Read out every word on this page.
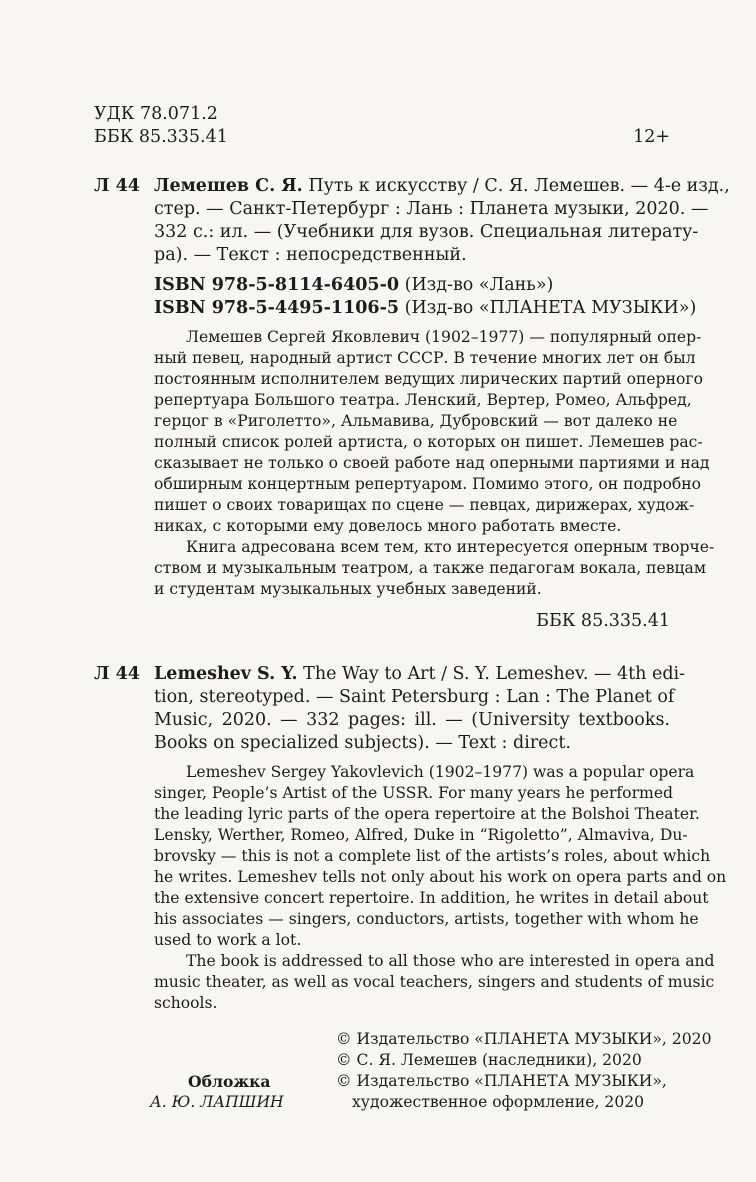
УДК 78.071.2
ББК 85.335.41	12+
Л 44 Лемешев С. Я. Путь к искусству / С. Я. Лемешев. — 4-е изд.,
стер. — Санкт-Петербург : Лань : Планета музыки, 2020. —
332 с.: ил. — (Учебники для вузов. Специальная литерату-
ра). — Текст : непосредственный.
ISBN 978-5-8114-6405-0 (Изд-во «Лань»)
ISBN 978-5-4495-1106-5 (Изд-во «ПЛАНЕТА МУЗЫКИ»)
Лемешев Сергей Яковлевич (1902–1977) — популярный опер-
ный певец, народный артист СССР. В течение многих лет он был
постоянным исполнителем ведущих лирических партий оперного
репертуара Большого театра. Ленский, Вертер, Ромео, Альфред,
герцог в «Риголетто», Альмавива, Дубровский — вот далеко не
полный список ролей артиста, о которых он пишет. Лемешев рас-
сказывает не только о своей работе над оперными партиями и над
обширным концертным репертуаром. Помимо этого, он подробно
пишет о своих товарищах по сцене — певцах, дирижерах, худож-
никах, с которыми ему довелось много работать вместе.
Книга адресована всем тем, кто интересуется оперным творче-
ством и музыкальным театром, а также педагогам вокала, певцам
и студентам музыкальных учебных заведений.
ББК 85.335.41
Л 44 Lemeshev S. Y. The Way to Art / S. Y. Lemeshev. — 4th edi-
tion, stereotyped. — Saint Petersburg : Lan : The Planet of
Music, 2020. — 332 pages: ill. — (University textbooks.
Books on specialized subjects). — Text : direct.
Lemeshev Sergey Yakovlevich (1902–1977) was a popular opera
singer, People’s Artist of the USSR. For many years he performed
the leading lyric parts of the opera repertoire at the Bolshoi Theater.
Lensky, Werther, Romeo, Alfred, Duke in “Rigoletto”, Almaviva, Du-
brovsky — this is not a complete list of the artists’s roles, about which
he writes. Lemeshev tells not only about his work on opera parts and on
the extensive concert repertoire. In addition, he writes in detail about
his associates — singers, conductors, artists, together with whom he
used to work a lot.
The book is addressed to all those who are interested in opera and
music theater, as well as vocal teachers, singers and students of music
schools.
Обложка
А. Ю. ЛАПШИН
© Издательство «ПЛАНЕТА МУЗЫКИ», 2020
© С. Я. Лемешев (наследники), 2020
© Издательство «ПЛАНЕТА МУЗЫКИ»,
художественное оформление, 2020
